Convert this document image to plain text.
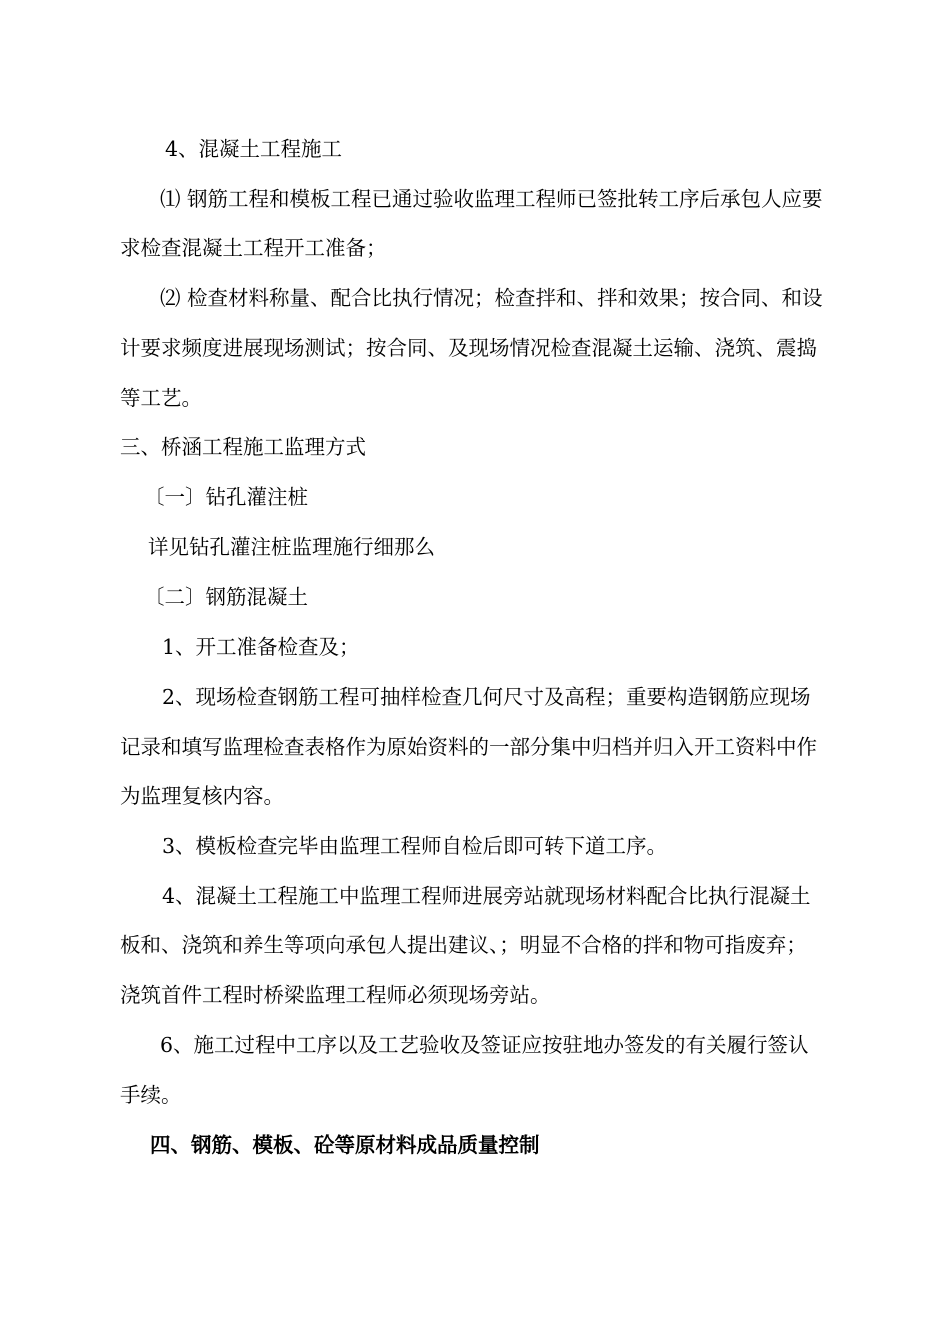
4、混凝土工程施工
⑴ 钢筋工程和模板工程已通过验收监理工程师已签批转工序后承包人应要
求检查混凝土工程开工准备；
⑵ 检查材料称量、配合比执行情况；检查拌和、拌和效果；按合同、和设
计要求频度进展现场测试；按合同、及现场情况检查混凝土运输、浇筑、震捣
等工艺。
三、桥涵工程施工监理方式
〔一〕钻孔灌注桩
详见钻孔灌注桩监理施行细那么
〔二〕钢筋混凝土
1、开工准备检查及；
2、现场检查钢筋工程可抽样检查几何尺寸及高程；重要构造钢筋应现场
记录和填写监理检查表格作为原始资料的一部分集中归档并归入开工资料中作
为监理复核内容。
3、模板检查完毕由监理工程师自检后即可转下道工序。
4、混凝土工程施工中监理工程师进展旁站就现场材料配合比执行混凝土
板和、浇筑和养生等项向承包人提出建议、；明显不合格的拌和物可指废弃；
浇筑首件工程时桥梁监理工程师必须现场旁站。
6、施工过程中工序以及工艺验收及签证应按驻地办签发的有关履行签认
手续。
四、钢筋、模板、砼等原材料成品质量控制
